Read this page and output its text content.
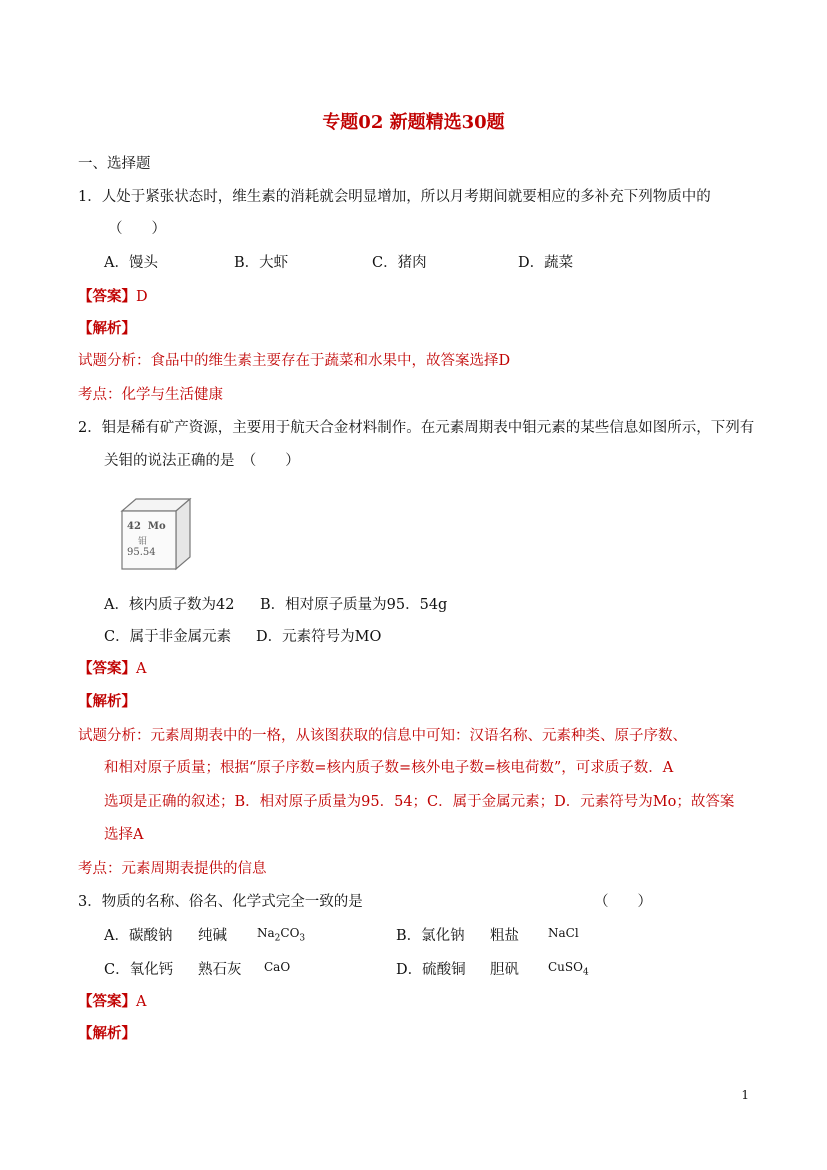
专题02 新题精选30题
一、选择题
1．人处于紧张状态时，维生素的消耗就会明显增加，所以月考期间就要相应的多补充下列物质中的
（　　）
A．馒头	B．大虾	C．猪肉	D．蔬菜
【答案】D
【解析】
试题分析：食品中的维生素主要存在于蔬菜和水果中，故答案选择D
考点：化学与生活健康
2．钼是稀有矿产资源，主要用于航天合金材料制作。在元素周期表中钼元素的某些信息如图所示，下列有
关钼的说法正确的是　（　　）
42 Mo
钼
95.54
A．核内质子数为42 B．相对原子质量为95．54g
C．属于非金属元素 D．元素符号为MO
【答案】A
【解析】
试题分析：元素周期表中的一格，从该图获取的信息中可知：汉语名称、元素种类、原子序数、
和相对原子质量；根据“原子序数=核内质子数=核外电子数=核电荷数”，可求质子数．A
选项是正确的叙述；B．相对原子质量为95．54；C．属于金属元素；D．元素符号为Mo；故答案
选择A
考点：元素周期表提供的信息
3．物质的名称、俗名、化学式完全一致的是	（　　）
A．碳酸钠 纯碱	$Na_2CO_3$	B．氯化钠 粗盐 NaCl
C．氧化钙 熟石灰 CaO	D．硫酸铜 胆矾 CuSO$_4$
【答案】A
【解析】
1
